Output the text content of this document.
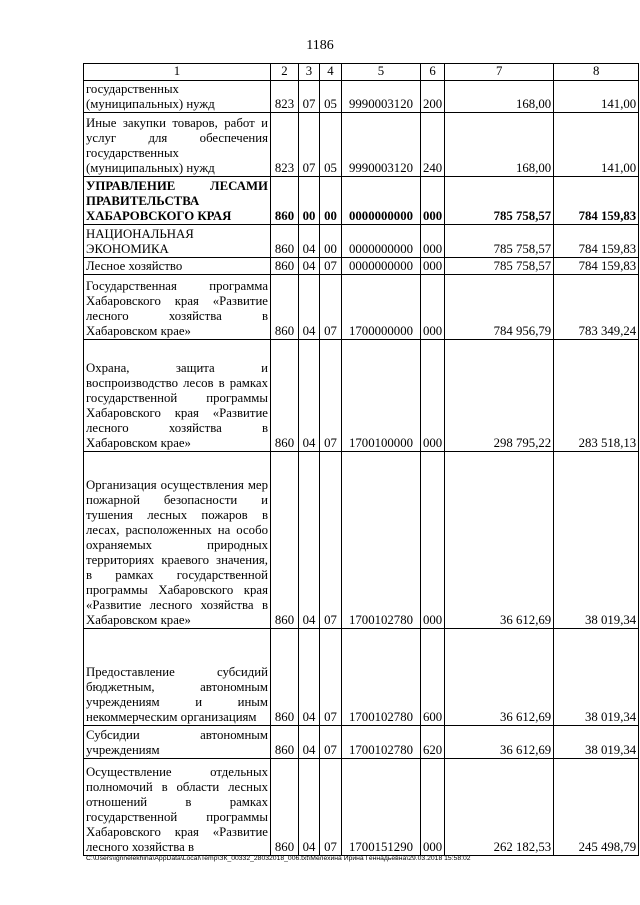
1186
1	2	3	4	5	6	7	8
государственных (муниципальных) нужд	823	07	05	9990003120	200	168,00	141,00
Иные закупки товаров, работ и услуг для обеспечения государственных (муниципальных) нужд	823	07	05	9990003120	240	168,00	141,00
УПРАВЛЕНИЕ ЛЕСАМИ ПРАВИТЕЛЬСТВА ХАБАРОВСКОГО КРАЯ	860	00	00	0000000000	000	785 758,57	784 159,83
НАЦИОНАЛЬНАЯ ЭКОНОМИКА	860	04	00	0000000000	000	785 758,57	784 159,83
Лесное хозяйство	860	04	07	0000000000	000	785 758,57	784 159,83
Государственная программа Хабаровского края «Развитие лесного хозяйства в Хабаровском крае»	860	04	07	1700000000	000	784 956,79	783 349,24
Охрана, защита и воспроизводство лесов в рамках государственной программы Хабаровского края «Развитие лесного хозяйства в Хабаровском крае»	860	04	07	1700100000	000	298 795,22	283 518,13
Организация осуществления мер пожарной безопасности и тушения лесных пожаров в лесах, расположенных на особо охраняемых природных территориях краевого значения, в рамках государственной программы Хабаровского края «Развитие лесного хозяйства в Хабаровском крае»	860	04	07	1700102780	000	36 612,69	38 019,34
Предоставление субсидий бюджетным, автономным учреждениям и иным некоммерческим организациям	860	04	07	1700102780	600	36 612,69	38 019,34
Субсидии автономным учреждениям	860	04	07	1700102780	620	36 612,69	38 019,34
Осуществление отдельных полномочий в области лесных отношений в рамках государственной программы Хабаровского края «Развитие лесного хозяйства в	860	04	07	1700151290	000	262 182,53	245 498,79
C:\Users\ignnelekhina\AppData\Local\Temp\ЗК_00332_28032018_006.txt\Мелехина Ирина Геннадьевна\29.03.2018 15:58:02
